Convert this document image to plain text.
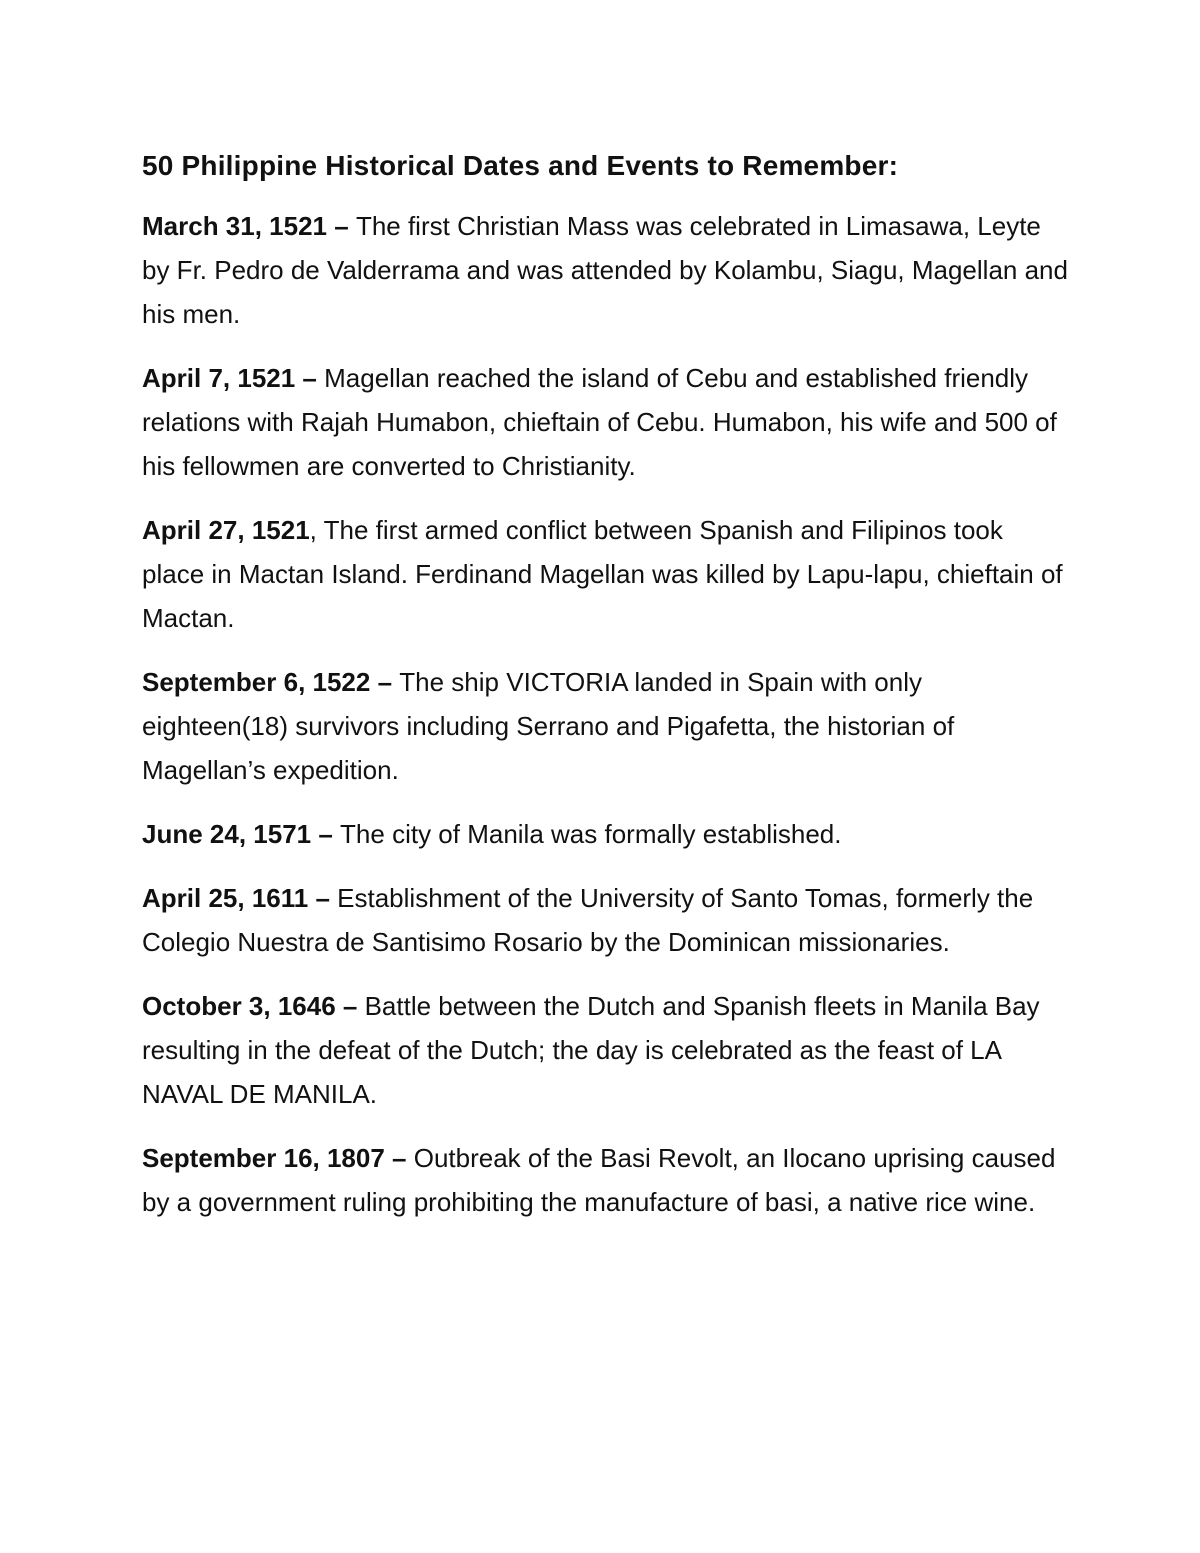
50 Philippine Historical Dates and Events to Remember:

March 31, 1521 – The first Christian Mass was celebrated in Limasawa, Leyte by Fr. Pedro de Valderrama and was attended by Kolambu, Siagu, Magellan and his men.

April 7, 1521 – Magellan reached the island of Cebu and established friendly relations with Rajah Humabon, chieftain of Cebu. Humabon, his wife and 500 of his fellowmen are converted to Christianity.

April 27, 1521, The first armed conflict between Spanish and Filipinos took place in Mactan Island. Ferdinand Magellan was killed by Lapu-lapu, chieftain of Mactan.

September 6, 1522 – The ship VICTORIA landed in Spain with only eighteen(18) survivors including Serrano and Pigafetta, the historian of Magellan’s expedition.

June 24, 1571 – The city of Manila was formally established.

April 25, 1611 – Establishment of the University of Santo Tomas, formerly the Colegio Nuestra de Santisimo Rosario by the Dominican missionaries.

October 3, 1646 – Battle between the Dutch and Spanish fleets in Manila Bay resulting in the defeat of the Dutch; the day is celebrated as the feast of LA NAVAL DE MANILA.

September 16, 1807 – Outbreak of the Basi Revolt, an Ilocano uprising caused by a government ruling prohibiting the manufacture of basi, a native rice wine.
